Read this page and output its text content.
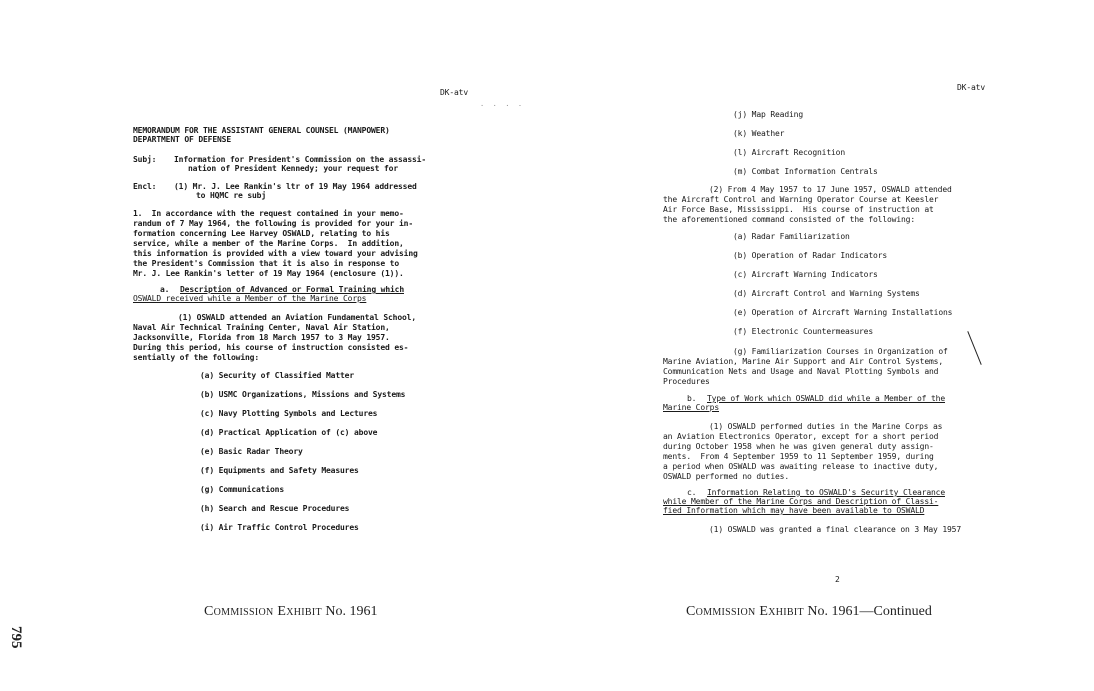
DK-atv
.  .  .  .
MEMORANDUM FOR THE ASSISTANT GENERAL COUNSEL (MANPOWER)
DEPARTMENT OF DEFENSE
Subj: Information for President's Commission on the assassi-
nation of President Kennedy; your request for
Encl: (1) Mr. J. Lee Rankin's ltr of 19 May 1964 addressed
to HQMC re subj
1.  In accordance with the request contained in your memo-
randum of 7 May 1964, the following is provided for your in-
formation concerning Lee Harvey OSWALD, relating to his
service, while a member of the Marine Corps.  In addition,
this information is provided with a view toward your advising
the President's Commission that it is also in response to
Mr. J. Lee Rankin's letter of 19 May 1964 (enclosure (1)).
a. Description of Advanced or Formal Training which
OSWALD received while a Member of the Marine Corps
(1) OSWALD attended an Aviation Fundamental School,
Naval Air Technical Training Center, Naval Air Station,
Jacksonville, Florida from 18 March 1957 to 3 May 1957.
During this period, his course of instruction consisted es-
sentially of the following:
(a) Security of Classified Matter
(b) USMC Organizations, Missions and Systems
(c) Navy Plotting Symbols and Lectures
(d) Practical Application of (c) above
(e) Basic Radar Theory
(f) Equipments and Safety Measures
(g) Communications
(h) Search and Rescue Procedures
(i) Air Traffic Control Procedures
Commission Exhibit No. 1961
795
DK-atv
(j) Map Reading
(k) Weather
(l) Aircraft Recognition
(m) Combat Information Centrals
(2) From 4 May 1957 to 17 June 1957, OSWALD attended
the Aircraft Control and Warning Operator Course at Keesler
Air Force Base, Mississippi.  His course of instruction at
the aforementioned command consisted of the following:
(a) Radar Familiarization
(b) Operation of Radar Indicators
(c) Aircraft Warning Indicators
(d) Aircraft Control and Warning Systems
(e) Operation of Aircraft Warning Installations
(f) Electronic Countermeasures
(g) Familiarization Courses in Organization of
Marine Aviation, Marine Air Support and Air Control Systems,
Communication Nets and Usage and Naval Plotting Symbols and
Procedures
b. Type of Work which OSWALD did while a Member of the
Marine Corps
(1) OSWALD performed duties in the Marine Corps as
an Aviation Electronics Operator, except for a short period
during October 1958 when he was given general duty assign-
ments.  From 4 September 1959 to 11 September 1959, during
a period when OSWALD was awaiting release to inactive duty,
OSWALD performed no duties.
c. Information Relating to OSWALD's Security Clearance
while Member of the Marine Corps and Description of Classi-
fied Information which may have been available to OSWALD
(1) OSWALD was granted a final clearance on 3 May 1957
2
Commission Exhibit No. 1961—Continued
